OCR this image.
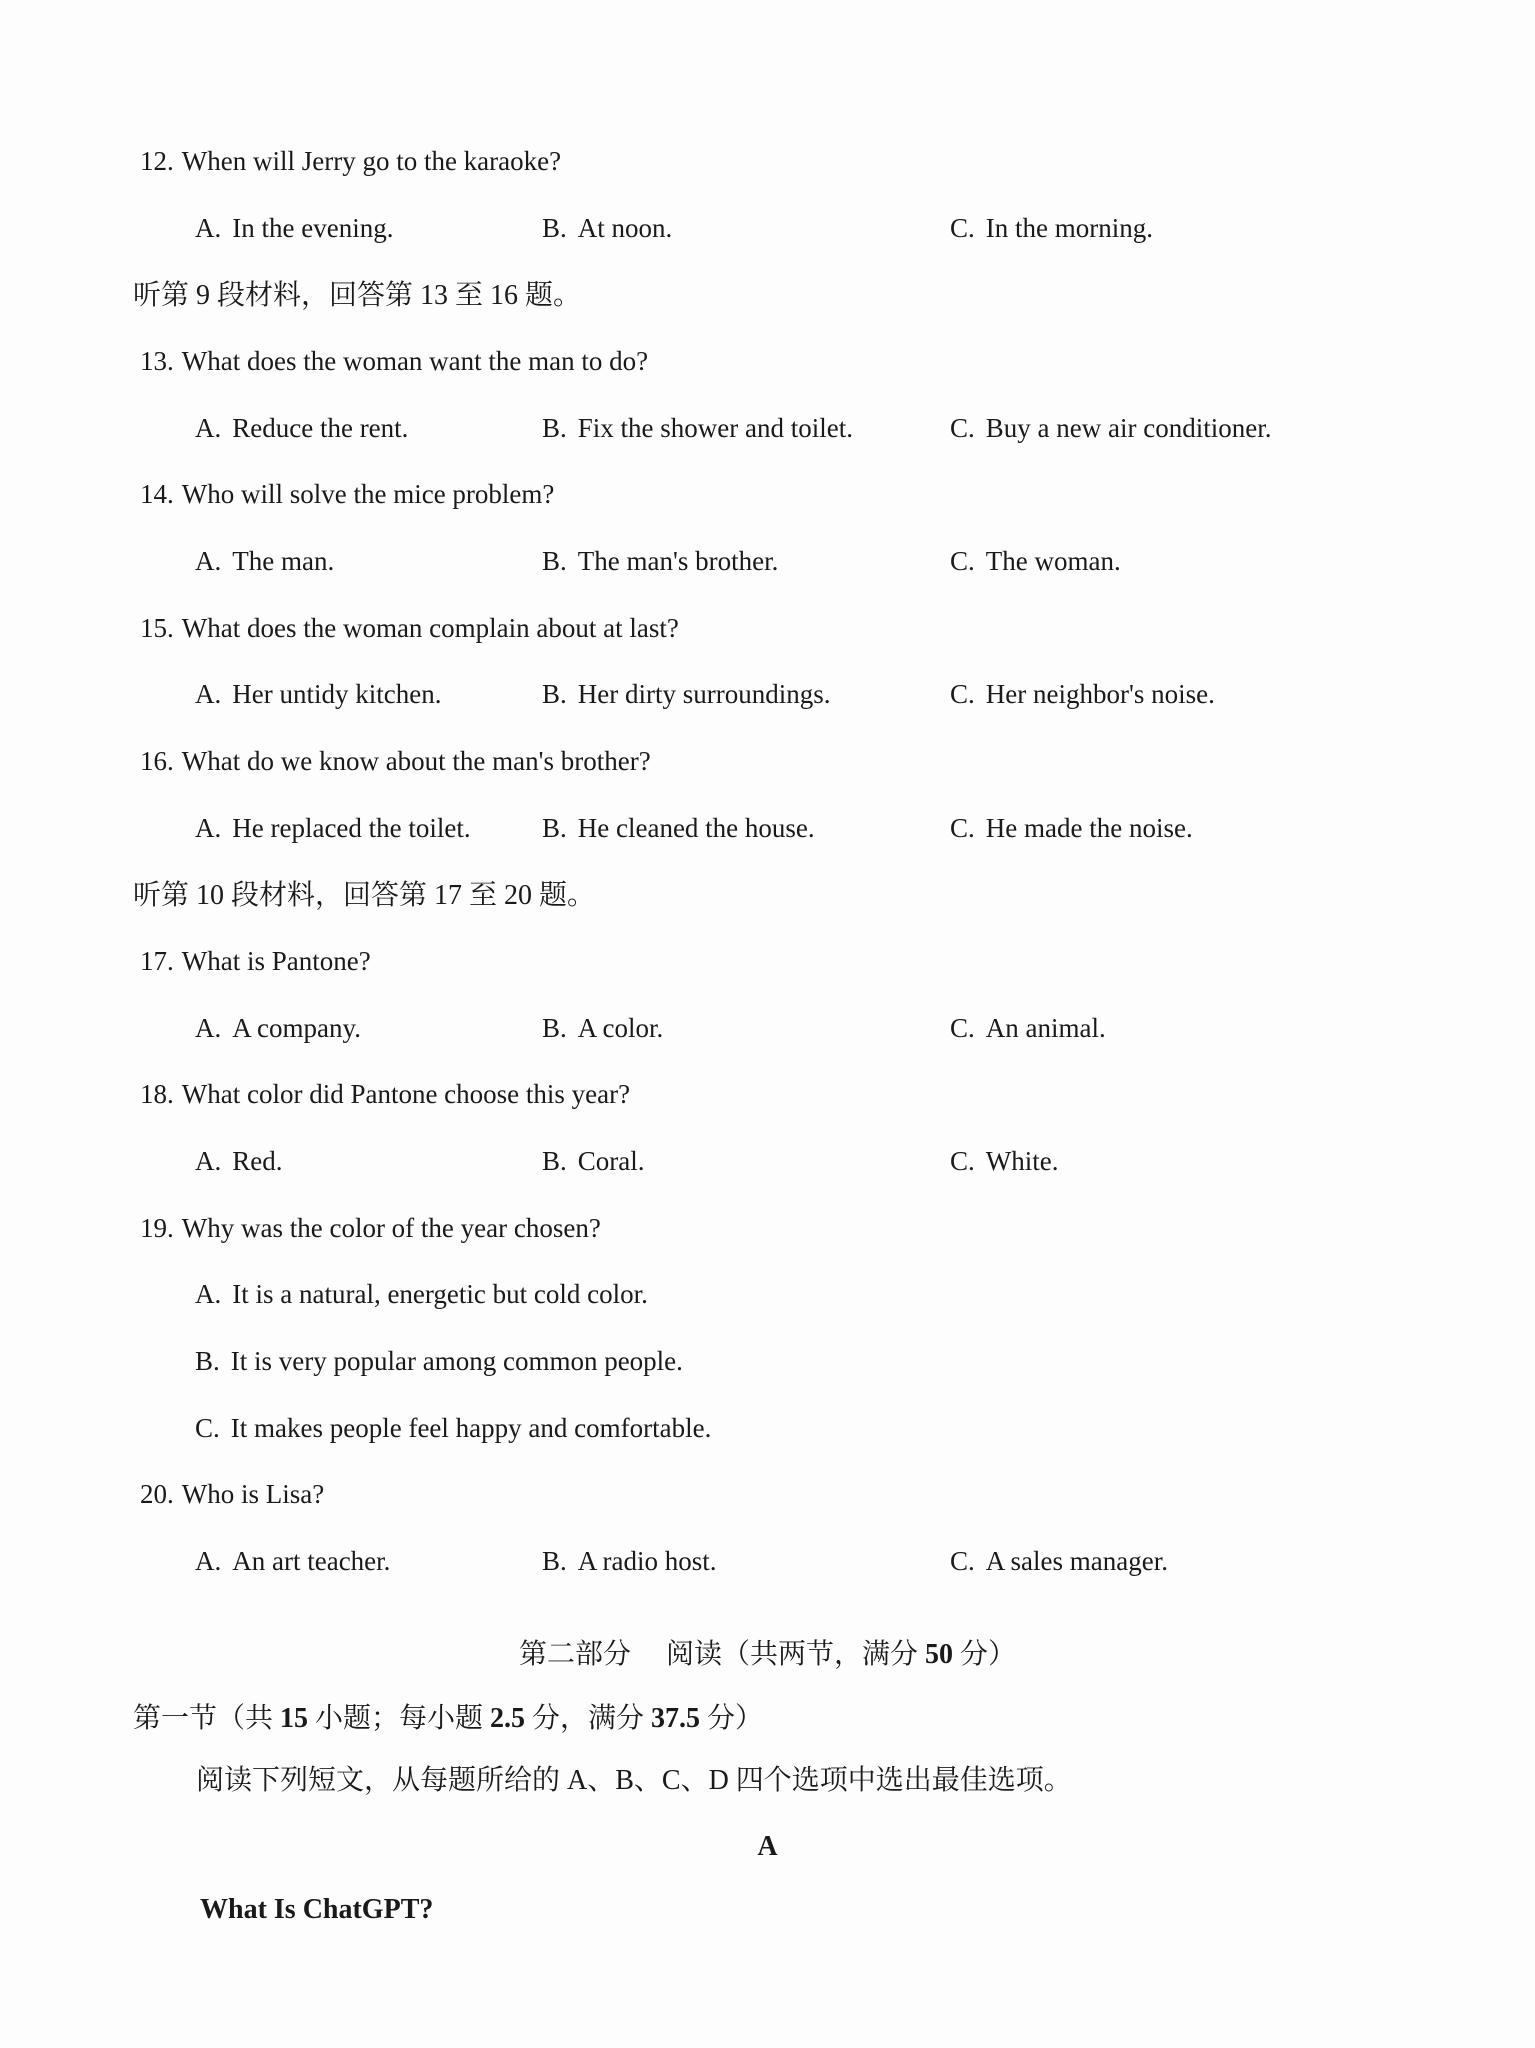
12. When will Jerry go to the karaoke?
A. In the evening.	B. At noon.	C. In the morning.
听第 9 段材料，回答第 13 至 16 题。
13. What does the woman want the man to do?
A. Reduce the rent.	B. Fix the shower and toilet.	C. Buy a new air conditioner.
14. Who will solve the mice problem?
A. The man.	B. The man's brother.	C. The woman.
15. What does the woman complain about at last?
A. Her untidy kitchen.	B. Her dirty surroundings.	C. Her neighbor's noise.
16. What do we know about the man's brother?
A. He replaced the toilet.	B. He cleaned the house.	C. He made the noise.
听第 10 段材料，回答第 17 至 20 题。
17. What is Pantone?
A. A company.	B. A color.	C. An animal.
18. What color did Pantone choose this year?
A. Red.	B. Coral.	C. White.
19. Why was the color of the year chosen?
A. It is a natural, energetic but cold color.
B. It is very popular among common people.
C. It makes people feel happy and comfortable.
20. Who is Lisa?
A. An art teacher.	B. A radio host.	C. A sales manager.
第二部分　 阅读（共两节，满分 50 分）
第一节（共 15 小题；每小题 2.5 分，满分 37.5 分）
阅读下列短文，从每题所给的 A、B、C、D 四个选项中选出最佳选项。
A
What Is ChatGPT?
